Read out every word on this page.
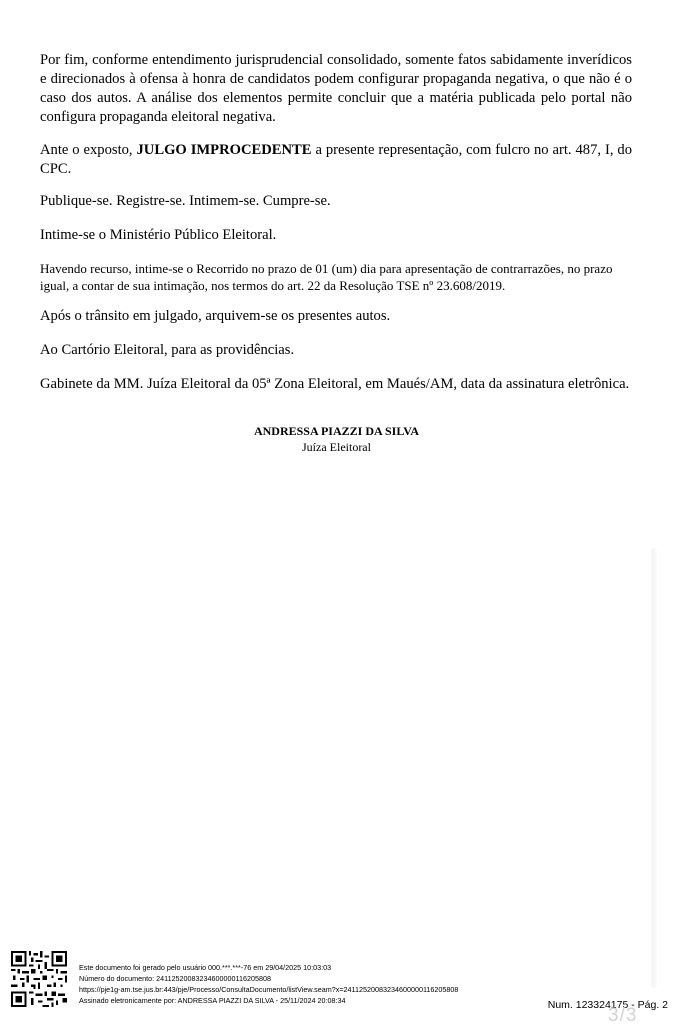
Por fim, conforme entendimento jurisprudencial consolidado, somente fatos sabidamente inverídicos e direcionados à ofensa à honra de candidatos podem configurar propaganda negativa, o que não é o caso dos autos. A análise dos elementos permite concluir que a matéria publicada pelo portal não configura propaganda eleitoral negativa.

Ante o exposto, JULGO IMPROCEDENTE a presente representação, com fulcro no art. 487, I, do CPC.

Publique-se. Registre-se. Intimem-se. Cumpre-se.

Intime-se o Ministério Público Eleitoral.

Havendo recurso, intime-se o Recorrido no prazo de 01 (um) dia para apresentação de contrarrazões, no prazo igual, a contar de sua intimação, nos termos do art. 22 da Resolução TSE nº 23.608/2019.

Após o trânsito em julgado, arquivem-se os presentes autos.

Ao Cartório Eleitoral, para as providências.

Gabinete da MM. Juíza Eleitoral da 05ª Zona Eleitoral, em Maués/AM, data da assinatura eletrônica.

ANDRESSA PIAZZI DA SILVA
Juíza Eleitoral
Este documento foi gerado pelo usuário 000.***.***-76 em 29/04/2025 10:03:03
Número do documento: 24112520083234600000116205808
https://pje1g-am.tse.jus.br:443/pje/Processo/ConsultaDocumento/listView.seam?x=24112520083234600000116205808
Assinado eletronicamente por: ANDRESSA PIAZZI DA SILVA - 25/11/2024 20:08:34	Num. 123324175 - Pág. 2
3/3
